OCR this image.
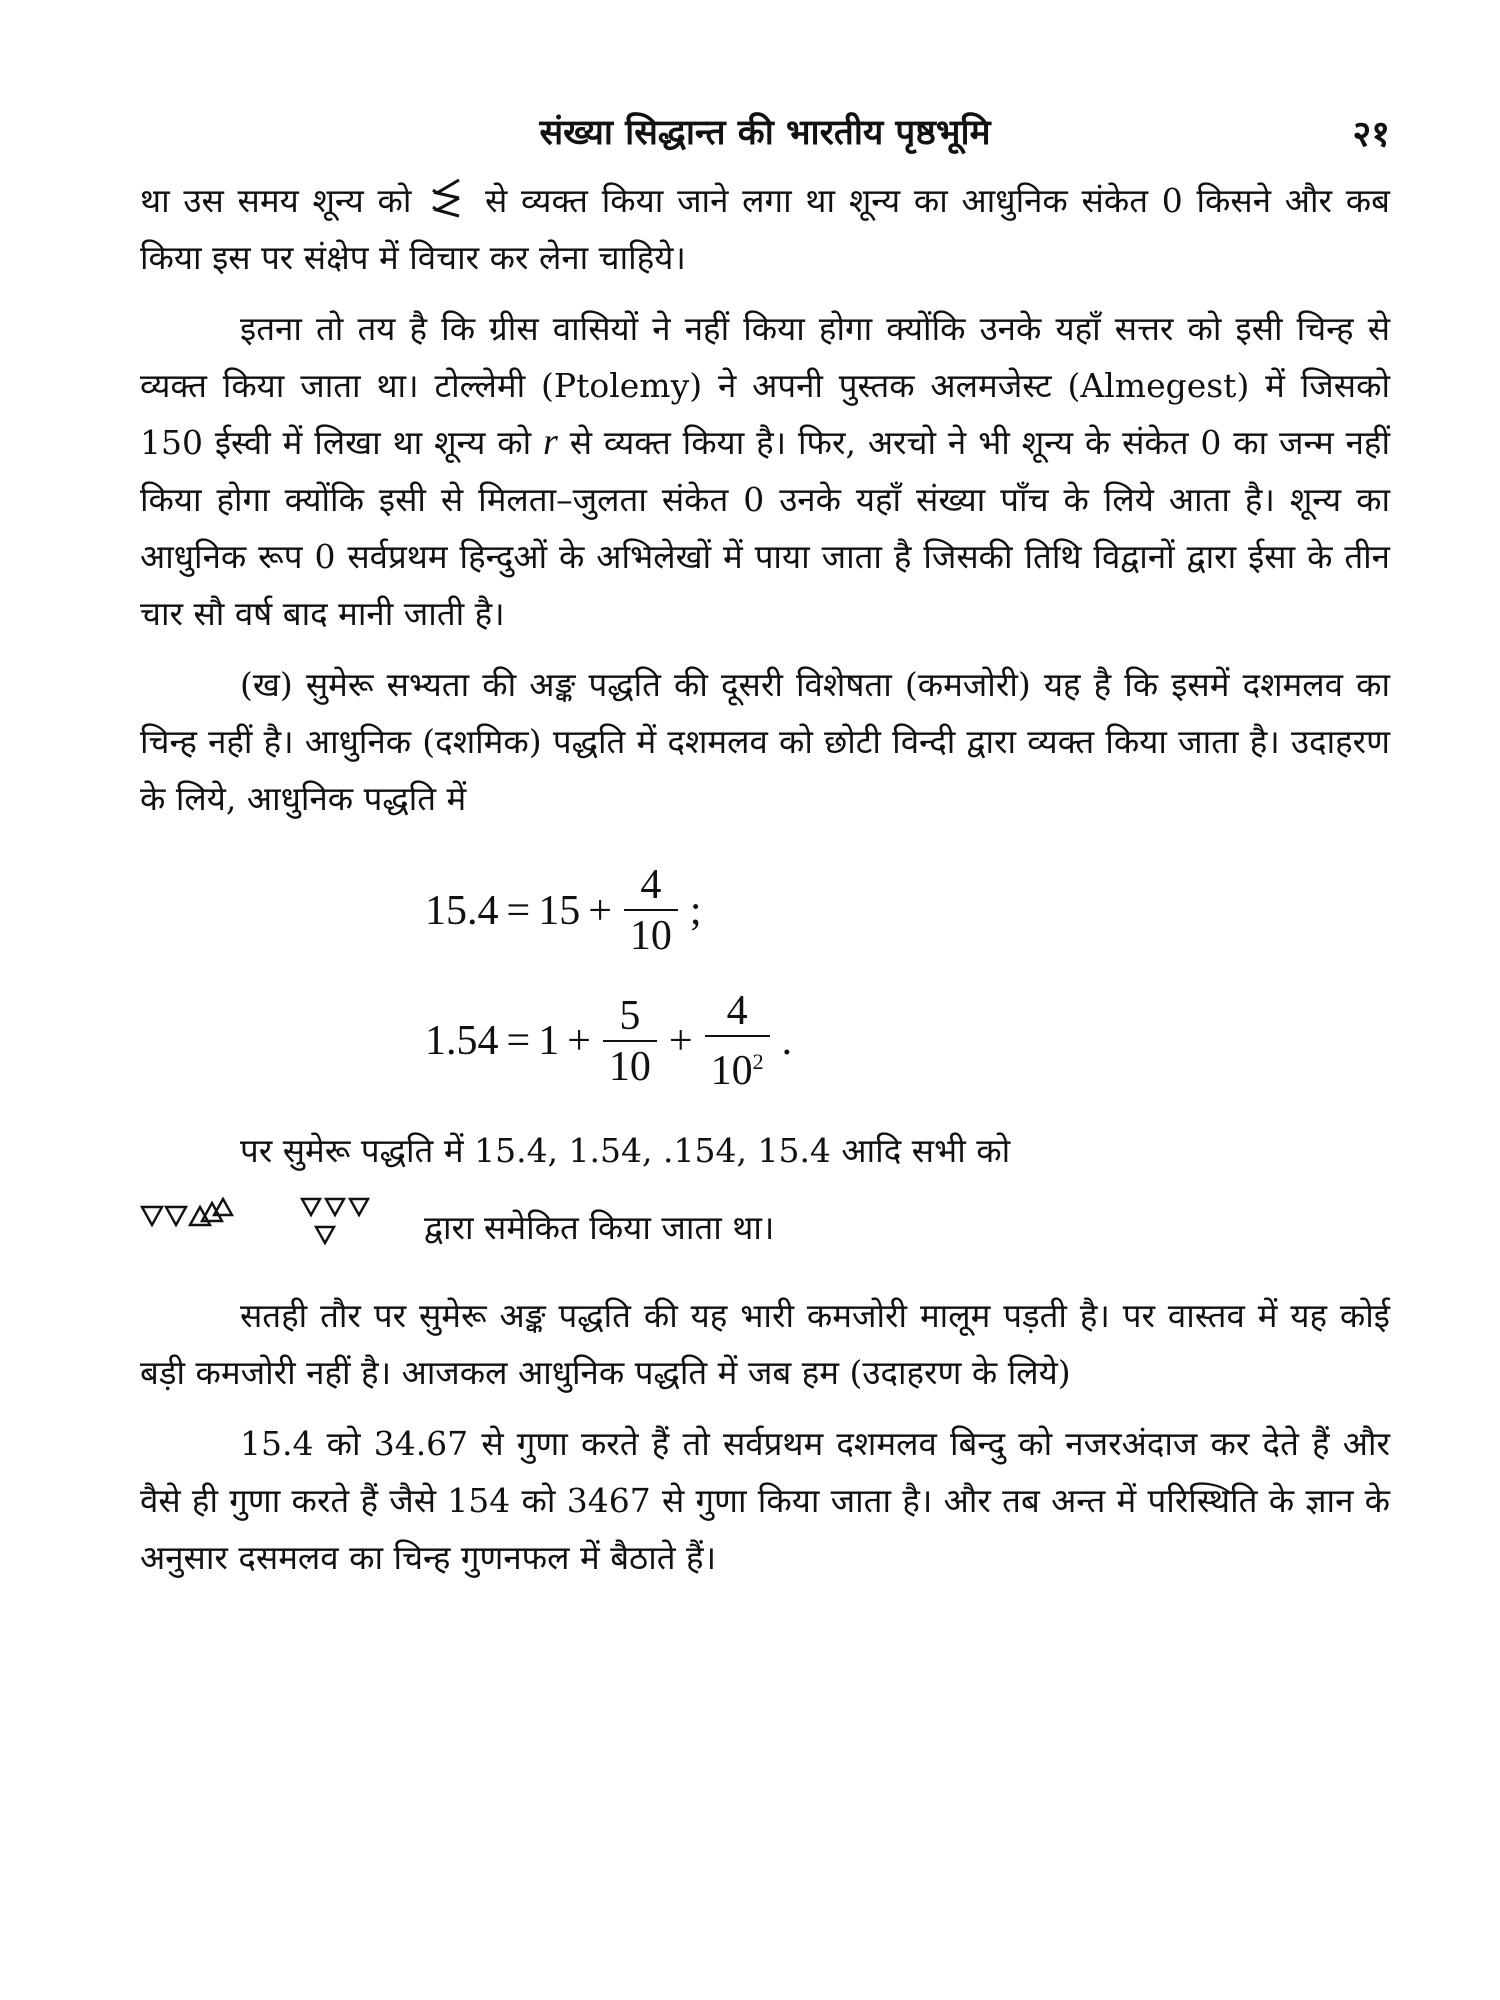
संख्या सिद्धान्त की भारतीय पृष्ठभूमि	२१

था उस समय शून्य को से व्यक्त किया जाने लगा था शून्य का आधुनिक संकेत 0 किसने और कब किया इस पर संक्षेप में विचार कर लेना चाहिये।

इतना तो तय है कि ग्रीस वासियों ने नहीं किया होगा क्योंकि उनके यहाँ सत्तर को इसी चिन्ह से व्यक्त किया जाता था। टोल्लेमी (Ptolemy) ने अपनी पुस्तक अलमजेस्ट (Almegest) में जिसको 150 ईस्वी में लिखा था शून्य को r से व्यक्त किया है। फिर, अरचो ने भी शून्य के संकेत 0 का जन्म नहीं किया होगा क्योंकि इसी से मिलता–जुलता संकेत 0 उनके यहाँ संख्या पाँच के लिये आता है। शून्य का आधुनिक रूप 0 सर्वप्रथम हिन्दुओं के अभिलेखों में पाया जाता है जिसकी तिथि विद्वानों द्वारा ईसा के तीन चार सौ वर्ष बाद मानी जाती है।

(ख) सुमेरू सभ्यता की अङ्क पद्धति की दूसरी विशेषता (कमजोरी) यह है कि इसमें दशमलव का चिन्ह नहीं है। आधुनिक (दशमिक) पद्धति में दशमलव को छोटी विन्दी द्वारा व्यक्त किया जाता है। उदाहरण के लिये, आधुनिक पद्धति में

$15.4 = 15 + \frac{4}{10}$ ;
$1.54 = 1 + \frac{5}{10} + \frac{4}{10^2}$ .

पर सुमेरू पद्धति में 15.4, 1.54, .154, 15.4 आदि सभी को

द्वारा समेकित किया जाता था।

सतही तौर पर सुमेरू अङ्क पद्धति की यह भारी कमजोरी मालूम पड़ती है। पर वास्तव में यह कोई बड़ी कमजोरी नहीं है। आजकल आधुनिक पद्धति में जब हम (उदाहरण के लिये)

15.4 को 34.67 से गुणा करते हैं तो सर्वप्रथम दशमलव बिन्दु को नजरअंदाज कर देते हैं और वैसे ही गुणा करते हैं जैसे 154 को 3467 से गुणा किया जाता है। और तब अन्त में परिस्थिति के ज्ञान के अनुसार दसमलव का चिन्ह गुणनफल में बैठाते हैं।
